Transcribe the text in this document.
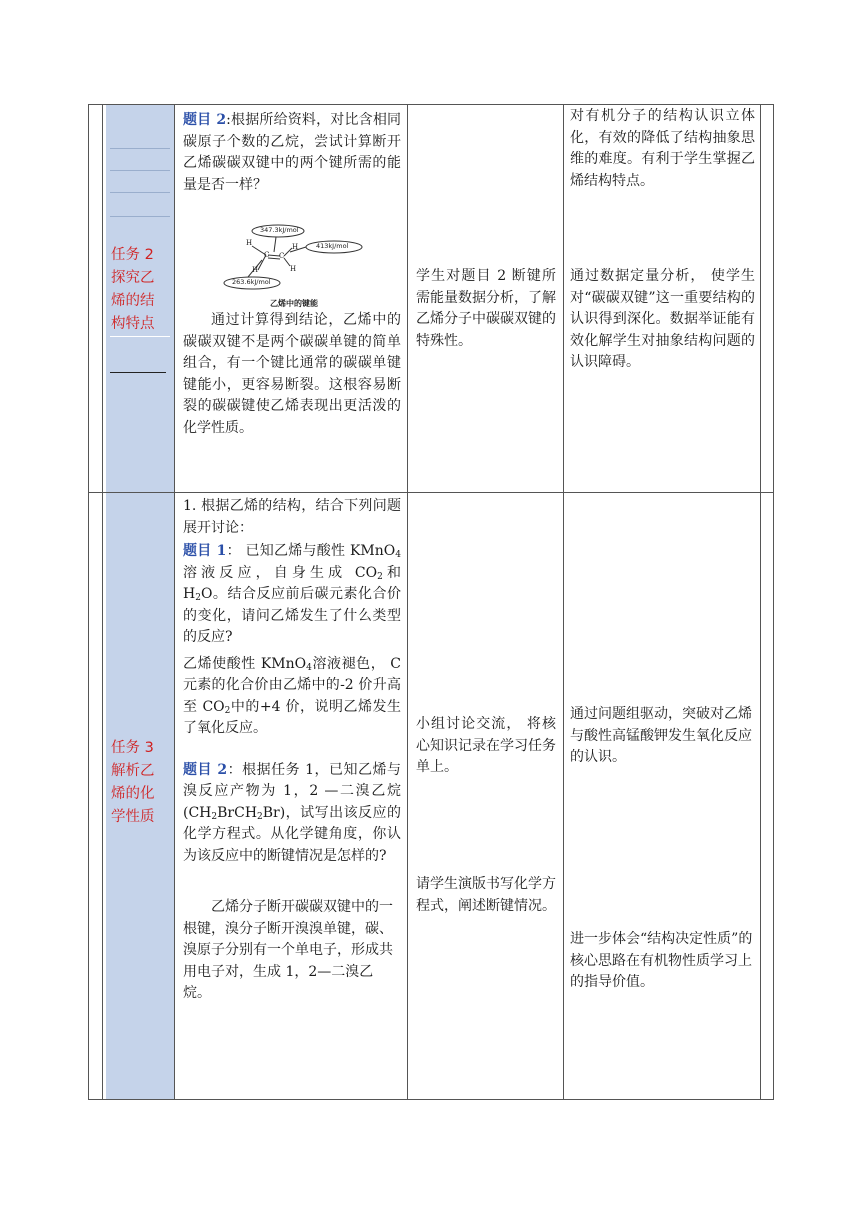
任务 2
探究乙
烯的结
构特点

题目 2:根据所给资料，对比含相同碳原子个数的乙烷，尝试计算断开乙烯碳碳双键中的两个键所需的能量是否一样？

347.3kJ/mol
413kJ/mol
263.6kJ/mol
H
H
C C
H
H
乙烯中的键能
通过计算得到结论，乙烯中的碳碳双键不是两个碳碳单键的简单组合，有一个键比通常的碳碳单键键能小，更容易断裂。这根容易断裂的碳碳键使乙烯表现出更活泼的化学性质。
学生对题目 2 断键所需能量数据分析，了解乙烯分子中碳碳双键的特殊性。
对有机分子的结构认识立体化，有效的降低了结构抽象思维的难度。有利于学生掌握乙烯结构特点。
通过数据定量分析， 使学生对“碳碳双键”这一重要结构的认识得到深化。数据举证能有效化解学生对抽象结构问题的认识障碍。
任务 3
解析乙
烯的化
学性质

1. 根据乙烯的结构，结合下列问题展开讨论：

题目 1： 已知乙烯与酸性 KMnO$_4$溶液反应，自身生成 $CO_2$和 $H_2O$。结合反应前后碳元素化合价的变化，请问乙烯发生了什么类型的反应?

乙烯使酸性 KMnO$_4$溶液褪色， C 元素的化合价由乙烯中的-2 价升高至 $CO_2$中的+4 价，说明乙烯发生了氧化反应。

题目 2：根据任务 1，已知乙烯与溴反应产物为 1，2 —二溴乙烷$(CH_2BrCH_2Br)$，试写出该反应的化学方程式。从化学键角度，你认为该反应中的断键情况是怎样的?

乙烯分子断开碳碳双键中的一根键，溴分子断开溴溴单键，碳、溴原子分别有一个单电子，形成共用电子对，生成 1，2—二溴乙烷。

小组讨论交流， 将核心知识记录在学习任务单上。
请学生演版书写化学方程式，阐述断键情况。
通过问题组驱动，突破对乙烯与酸性高锰酸钾发生氧化反应的认识。
进一步体会“结构决定性质”的核心思路在有机物性质学习上的指导价值。
